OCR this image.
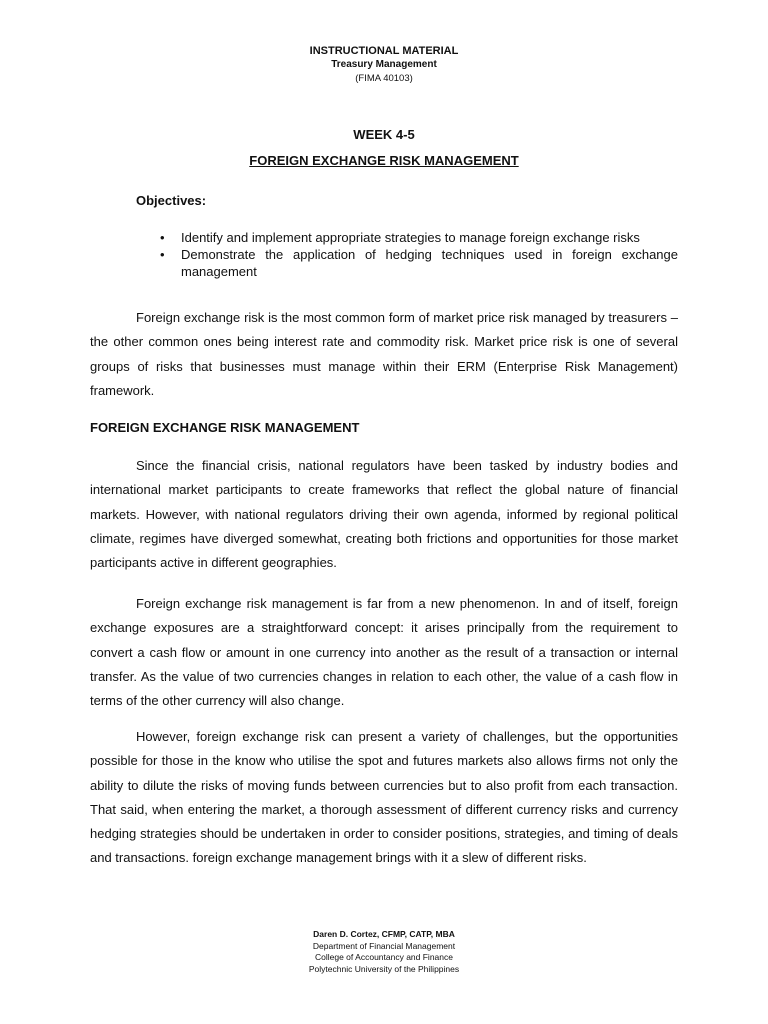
INSTRUCTIONAL MATERIAL
Treasury Management
(FIMA 40103)
WEEK 4-5
FOREIGN EXCHANGE RISK MANAGEMENT
Objectives:
• Identify and implement appropriate strategies to manage foreign exchange risks
• Demonstrate the application of hedging techniques used in foreign exchange management

Foreign exchange risk is the most common form of market price risk managed by treasurers – the other common ones being interest rate and commodity risk. Market price risk is one of several groups of risks that businesses must manage within their ERM (Enterprise Risk Management) framework.

FOREIGN EXCHANGE RISK MANAGEMENT

Since the financial crisis, national regulators have been tasked by industry bodies and international market participants to create frameworks that reflect the global nature of financial markets. However, with national regulators driving their own agenda, informed by regional political climate, regimes have diverged somewhat, creating both frictions and opportunities for those market participants active in different geographies.

Foreign exchange risk management is far from a new phenomenon. In and of itself, foreign exchange exposures are a straightforward concept: it arises principally from the requirement to convert a cash flow or amount in one currency into another as the result of a transaction or internal transfer. As the value of two currencies changes in relation to each other, the value of a cash flow in terms of the other currency will also change.

However, foreign exchange risk can present a variety of challenges, but the opportunities possible for those in the know who utilise the spot and futures markets also allows firms not only the ability to dilute the risks of moving funds between currencies but to also profit from each transaction. That said, when entering the market, a thorough assessment of different currency risks and currency hedging strategies should be undertaken in order to consider positions, strategies, and timing of deals and transactions. foreign exchange management brings with it a slew of different risks.

Daren D. Cortez, CFMP, CATP, MBA
Department of Financial Management
College of Accountancy and Finance
Polytechnic University of the Philippines
